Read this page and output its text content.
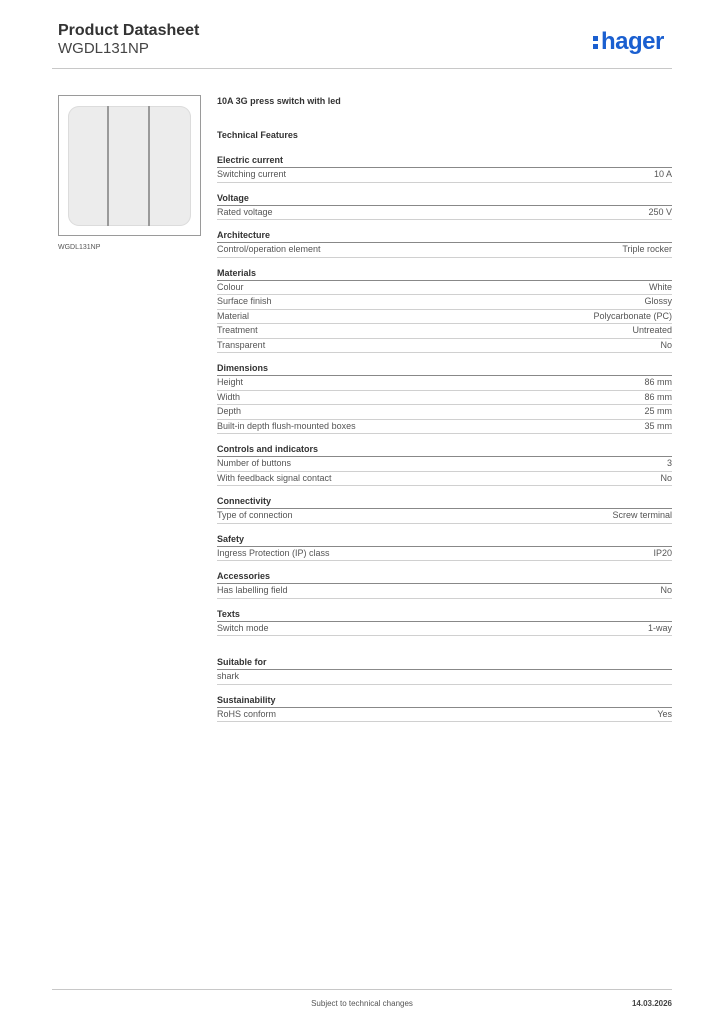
Product Datasheet
WGDL131NP	hager
WGDL131NP
10A 3G press switch with led
Technical Features
Electric current
Switching current	10 A
Voltage
Rated voltage	250 V
Architecture
Control/operation element	Triple rocker
Materials
Colour	White
Surface finish	Glossy
Material	Polycarbonate (PC)
Treatment	Untreated
Transparent	No
Dimensions
Height	86 mm
Width	86 mm
Depth	25 mm
Built-in depth flush-mounted boxes	35 mm
Controls and indicators
Number of buttons	3
With feedback signal contact	No
Connectivity
Type of connection	Screw terminal
Safety
Ingress Protection (IP) class	IP20
Accessories
Has labelling field	No
Texts
Switch mode	1-way
Suitable for
shark
Sustainability
RoHS conform	Yes
Subject to technical changes	14.03.2026
